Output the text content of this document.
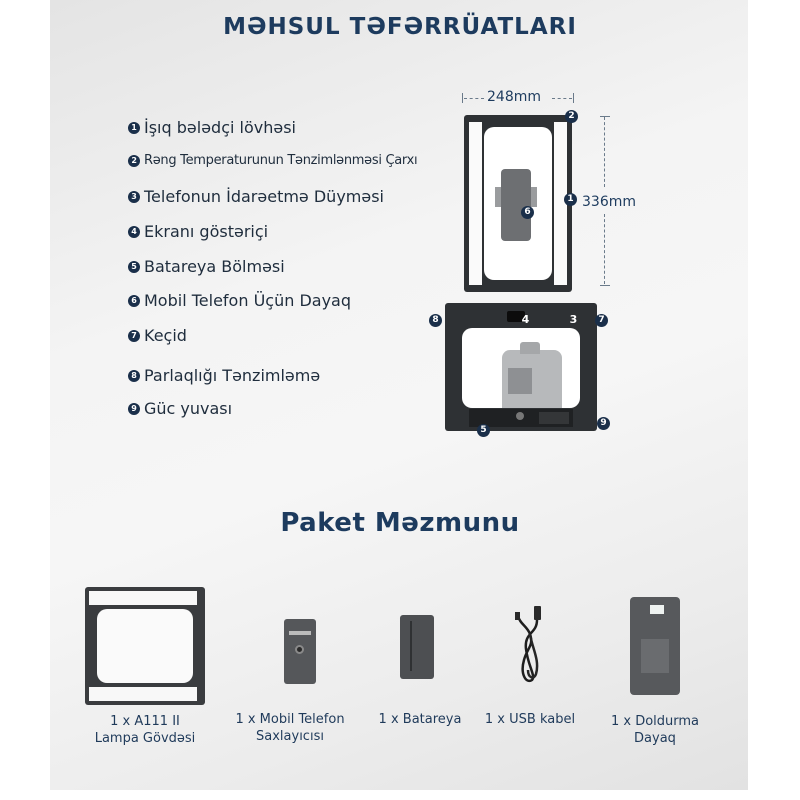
MƏHSUL TƏFƏRRÜATLARI
1 İşıq bələdçi lövhəsi
2 Rəng Temperaturunun Tənzimlənməsi Çarxı
3 Telefonun İdarəetmə Düyməsi
4 Ekranı göstəriçi
5 Batareya Bölməsi
6 Mobil Telefon Üçün Dayaq
7 Keçid
8 Parlaqlığı Tənzimləmə
9 Güc yuvası
248mm
336mm
2
1
6
8	4	3	7
5
9
Paket Məzmunu
1 x A111 II
Lampa Gövdəsi
1 x Mobil Telefon
Saxlayıcısı
1 x Batareya	1 x USB kabel	1 x Doldurma
Dayaq
